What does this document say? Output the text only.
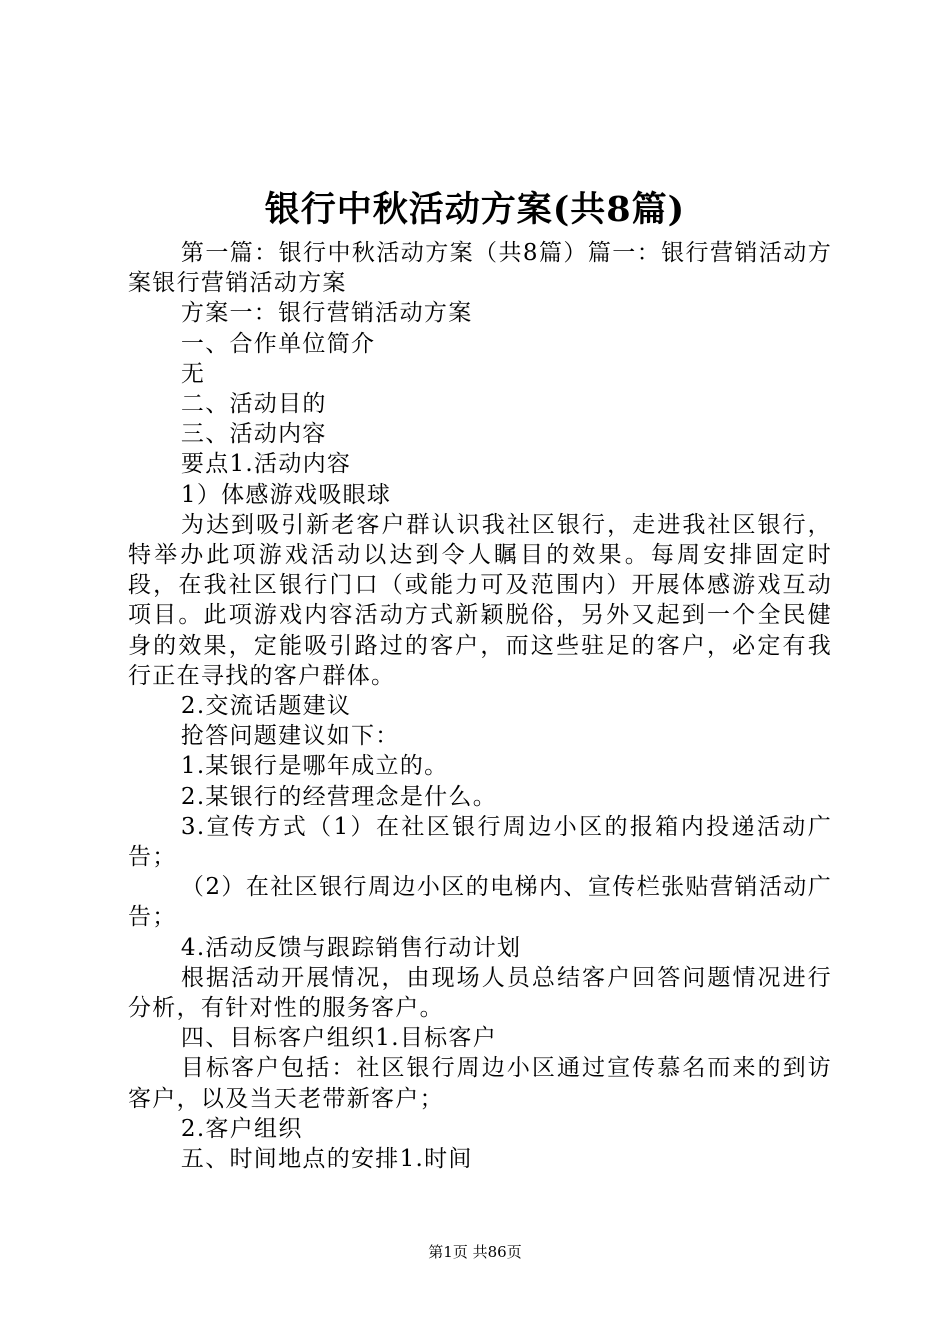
银行中秋活动方案(共8篇)

第一篇：银行中秋活动方案（共8篇）篇一：银行营销活动方案银行营销活动方案

方案一：银行营销活动方案

一、合作单位简介

无

二、活动目的

三、活动内容

要点1.活动内容

1）体感游戏吸眼球

为达到吸引新老客户群认识我社区银行，走进我社区银行，特举办此项游戏活动以达到令人瞩目的效果。每周安排固定时段，在我社区银行门口（或能力可及范围内）开展体感游戏互动项目。此项游戏内容活动方式新颖脱俗，另外又起到一个全民健身的效果，定能吸引路过的客户，而这些驻足的客户，必定有我行正在寻找的客户群体。

2.交流话题建议

抢答问题建议如下：

1.某银行是哪年成立的。

2.某银行的经营理念是什么。

3.宣传方式（1）在社区银行周边小区的报箱内投递活动广告；

（2）在社区银行周边小区的电梯内、宣传栏张贴营销活动广告；

4.活动反馈与跟踪销售行动计划

根据活动开展情况，由现场人员总结客户回答问题情况进行分析，有针对性的服务客户。

四、目标客户组织1.目标客户

目标客户包括：社区银行周边小区通过宣传慕名而来的到访客户，以及当天老带新客户；

2.客户组织

五、时间地点的安排1.时间

第1页 共86页
